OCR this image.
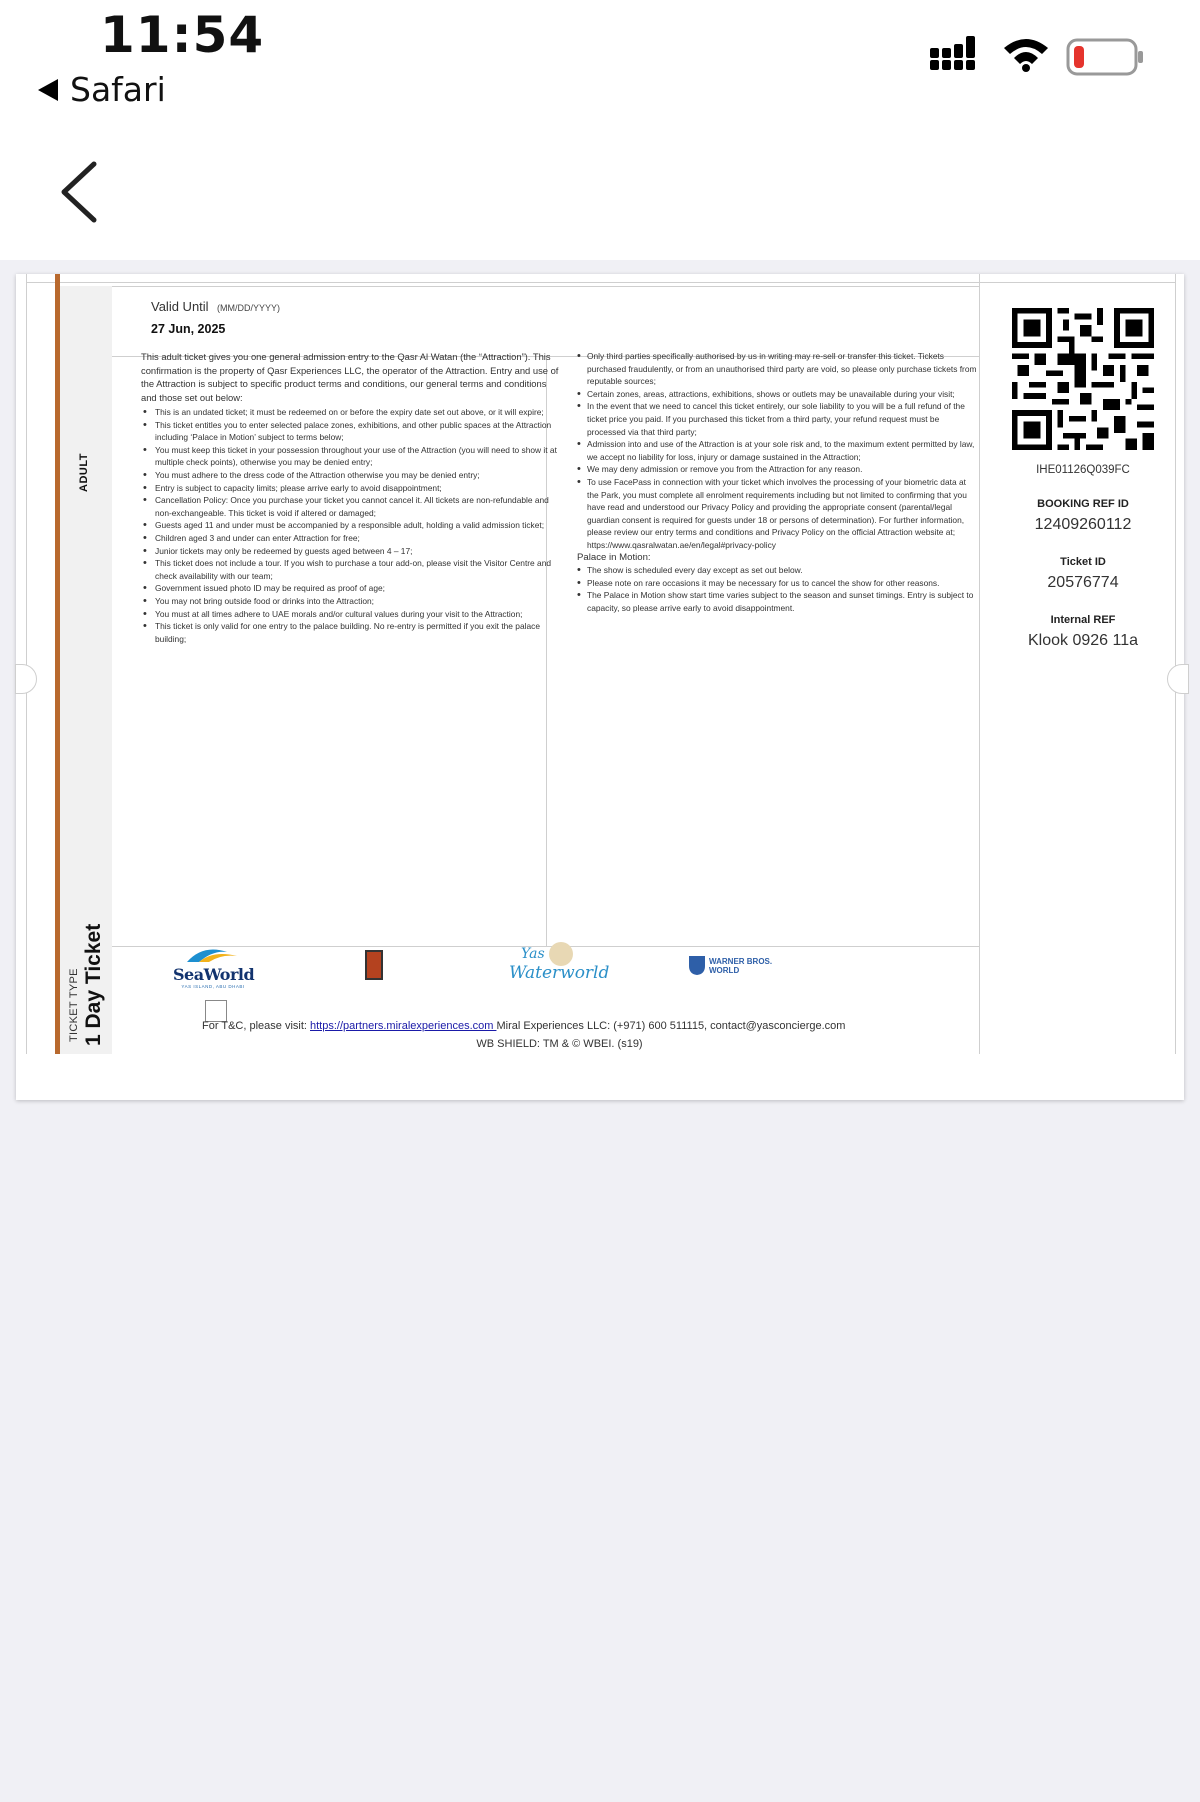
11:54
Safari
ADULT
TICKET TYPE 1 Day Ticket
Valid Until (MM/DD/YYYY)
27 Jun, 2025

This adult ticket gives you one general admission entry to the Qasr Al Watan (the “Attraction”). This confirmation is the property of Qasr Experiences LLC, the operator of the Attraction. Entry and use of the Attraction is subject to specific product terms and conditions, our general terms and conditions and those set out below:

• This is an undated ticket; it must be redeemed on or before the expiry date set out above, or it will expire;
• This ticket entitles you to enter selected palace zones, exhibitions, and other public spaces at the Attraction including ‘Palace in Motion’ subject to terms below;
• You must keep this ticket in your possession throughout your use of the Attraction (you will need to show it at multiple check points), otherwise you may be denied entry;
• You must adhere to the dress code of the Attraction otherwise you may be denied entry;
• Entry is subject to capacity limits; please arrive early to avoid disappointment;
• Cancellation Policy: Once you purchase your ticket you cannot cancel it. All tickets are non-refundable and non-exchangeable. This ticket is void if altered or damaged;
• Guests aged 11 and under must be accompanied by a responsible adult, holding a valid admission ticket;
• Children aged 3 and under can enter Attraction for free;
• Junior tickets may only be redeemed by guests aged between 4 – 17;
• This ticket does not include a tour. If you wish to purchase a tour add-on, please visit the Visitor Centre and check availability with our team;
• Government issued photo ID may be required as proof of age;
• You may not bring outside food or drinks into the Attraction;
• You must at all times adhere to UAE morals and/or cultural values during your visit to the Attraction;
• This ticket is only valid for one entry to the palace building. No re-entry is permitted if you exit the palace building;
• Only third parties specifically authorised by us in writing may re-sell or transfer this ticket. Tickets purchased fraudulently, or from an unauthorised third party are void, so please only purchase tickets from reputable sources;
• Certain zones, areas, attractions, exhibitions, shows or outlets may be unavailable during your visit;
• In the event that we need to cancel this ticket entirely, our sole liability to you will be a full refund of the ticket price you paid. If you purchased this ticket from a third party, your refund request must be processed via that third party;
• Admission into and use of the Attraction is at your sole risk and, to the maximum extent permitted by law, we accept no liability for loss, injury or damage sustained in the Attraction;
• We may deny admission or remove you from the Attraction for any reason.
• To use FacePass in connection with your ticket which involves the processing of your biometric data at the Park, you must complete all enrolment requirements including but not limited to confirming that you have read and understood our Privacy Policy and providing the appropriate consent (parental/legal guardian consent is required for guests under 18 or persons of determination). For further information, please review our entry terms and conditions and Privacy Policy on the official Attraction website at; https://www.qasralwatan.ae/en/legal#privacy-policy
Palace in Motion:
• The show is scheduled every day except as set out below.
• Please note on rare occasions it may be necessary for us to cancel the show for other reasons.
• The Palace in Motion show start time varies subject to the season and sunset timings. Entry is subject to capacity, so please arrive early to avoid disappointment.
IHE01126Q039FC
BOOKING REF ID
12409260112
Ticket ID
20576774
Internal REF
Klook 0926 11a
SeaWorld
YAS ISLAND, ABU DHABI
Yas
Waterworld
WARNER BROS.
WORLD
For T&C, please visit: https://partners.miralexperiences.com Miral Experiences LLC: (+971) 600 511115, contact@yasconcierge.com
WB SHIELD: TM & © WBEI. (s19)
